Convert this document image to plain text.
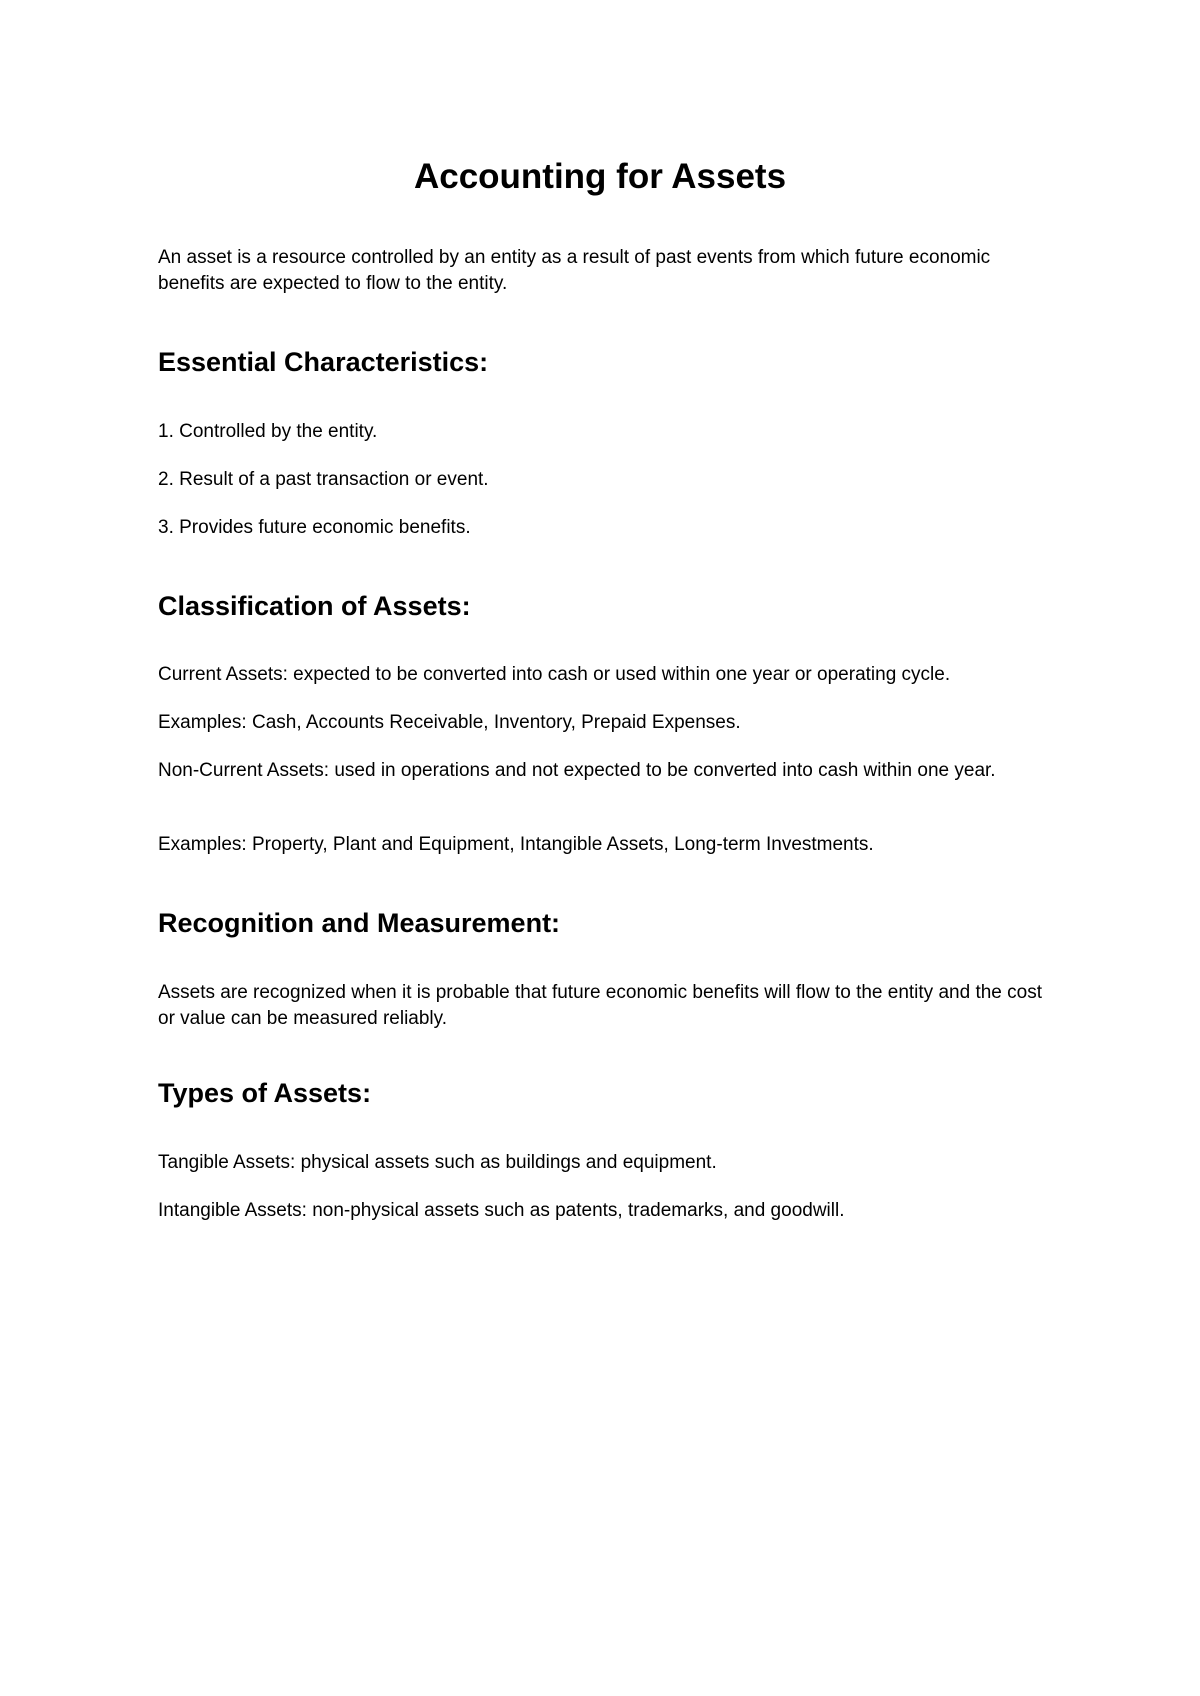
Accounting for Assets

An asset is a resource controlled by an entity as a result of past events from which future economic benefits are expected to flow to the entity.

Essential Characteristics:

1. Controlled by the entity.

2. Result of a past transaction or event.

3. Provides future economic benefits.

Classification of Assets:

Current Assets: expected to be converted into cash or used within one year or operating cycle.

Examples: Cash, Accounts Receivable, Inventory, Prepaid Expenses.

Non-Current Assets: used in operations and not expected to be converted into cash within one year.

Examples: Property, Plant and Equipment, Intangible Assets, Long-term Investments.

Recognition and Measurement:

Assets are recognized when it is probable that future economic benefits will flow to the entity and the cost or value can be measured reliably.

Types of Assets:

Tangible Assets: physical assets such as buildings and equipment.

Intangible Assets: non-physical assets such as patents, trademarks, and goodwill.
